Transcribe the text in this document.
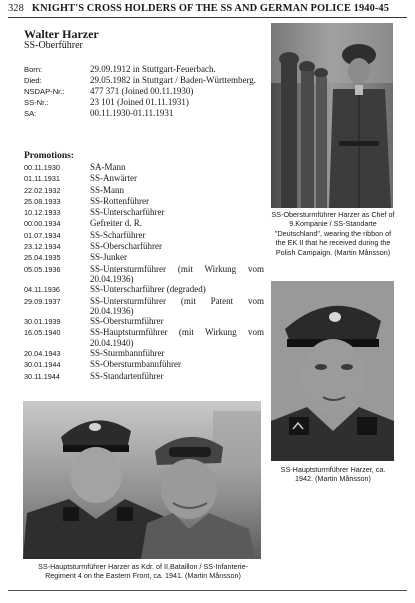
328 KNIGHT'S CROSS HOLDERS OF THE SS AND GERMAN POLICE 1940-45
Walter Harzer
SS-Oberführer
Born:	29.09.1912 in Stuttgart-Feuerbach.
Died:	29.05.1982 in Stuttgart / Baden-Württemberg.
NSDAP-Nr.:	477 371 (Joined 00.11.1930)
SS-Nr.:	23 101 (Joined 01.11.1931)
SA:	00.11.1930-01.11.1931
Promotions:
00.11.1930	SA-Mann
01.11.1931	SS-Anwärter
22.02.1932	SS-Mann
25.08.1933	SS-Rottenführer
10.12.1933	SS-Unterscharführer
00.00.1934	Gefreiter d. R.
01.07.1934	SS-Scharführer
23.12.1934	SS-Oberscharführer
25.04.1935	SS-Junker
05.05.1936	SS-Untersturmführer (mit Wirkung vom 20.04.1936)
04.11.1936	SS-Unterscharführer (degraded)
29.09.1937	SS-Untersturmführer (mit Patent vom 20.04.1936)
30.01.1939	SS-Obersturmführer
16.05.1940	SS-Hauptsturmführer (mit Wirkung vom 20.04.1940)
20.04.1943	SS-Sturmbannführer
30.01.1944	SS-Obersturmbannführer
30.11.1944	SS-Standartenführer
SS-Obersturmführer Harzer as Chef of 9.Kompanie / SS-Standarte "Deutschland", wearing the ribbon of the EK II that he received during the Polish Campaign. (Martin Månsson)
SS-Hauptsturmführer Harzer, ca. 1942. (Martin Månsson)
SS-Hauptsturmführer Harzer as Kdr. of II.Bataillon / SS-Infanterie-Regiment 4 on the Eastern Front, ca. 1941. (Martin Månsson)
